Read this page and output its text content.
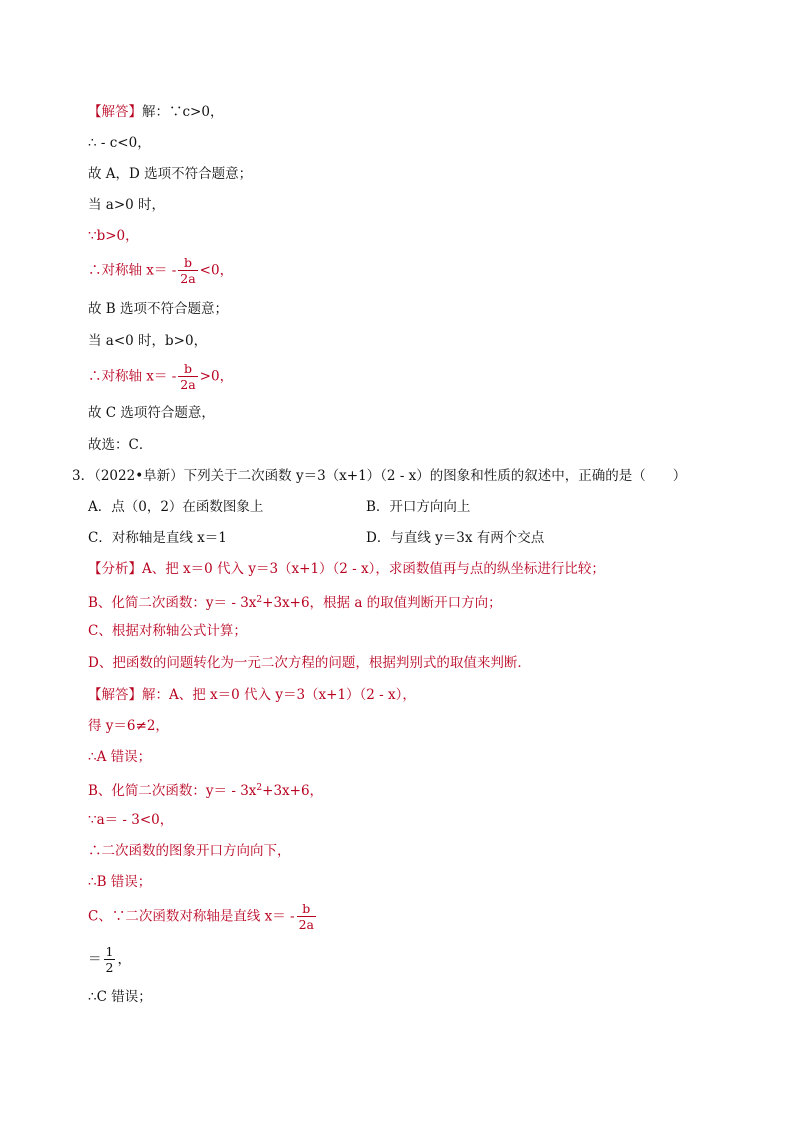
【解答】解：∵c>0，
∴ - c<0，
故 A，D 选项不符合题意；
当 a>0 时，
∵b>0，
∴对称轴 $x= - \frac{b}{2a} <0$，
故 B 选项不符合题意；
当 a<0 时，b>0，
∴对称轴 $x= - \frac{b}{2a} >0$，
故 C 选项符合题意，
故选：C．
3．（2022•阜新）下列关于二次函数 y＝3（x+1）（2 - x）的图象和性质的叙述中，正确的是（　　）
A．点（0，2）在函数图象上	B．开口方向向上
C．对称轴是直线 x＝1	D．与直线 y＝3x 有两个交点
【分析】A、把 x＝0 代入 y＝3（x+1）（2 - x），求函数值再与点的纵坐标进行比较；
B、化简二次函数：$y= - 3x^2+3x+6$，根据 a 的取值判断开口方向；
C、根据对称轴公式计算；
D、把函数的问题转化为一元二次方程的问题，根据判别式的取值来判断．
【解答】解：A、把 x＝0 代入 y＝3（x+1）（2 - x），
得 y＝6≠2，
∴A 错误；
B、化简二次函数：$y= - 3x^2+3x+6$，
∵a＝ - 3<0，
∴二次函数的图象开口方向向下，
∴B 错误；
C、∵二次函数对称轴是直线 $x= - \frac{b}{2a}$
＝ $\frac{1}{2}$ ，
∴C 错误；
